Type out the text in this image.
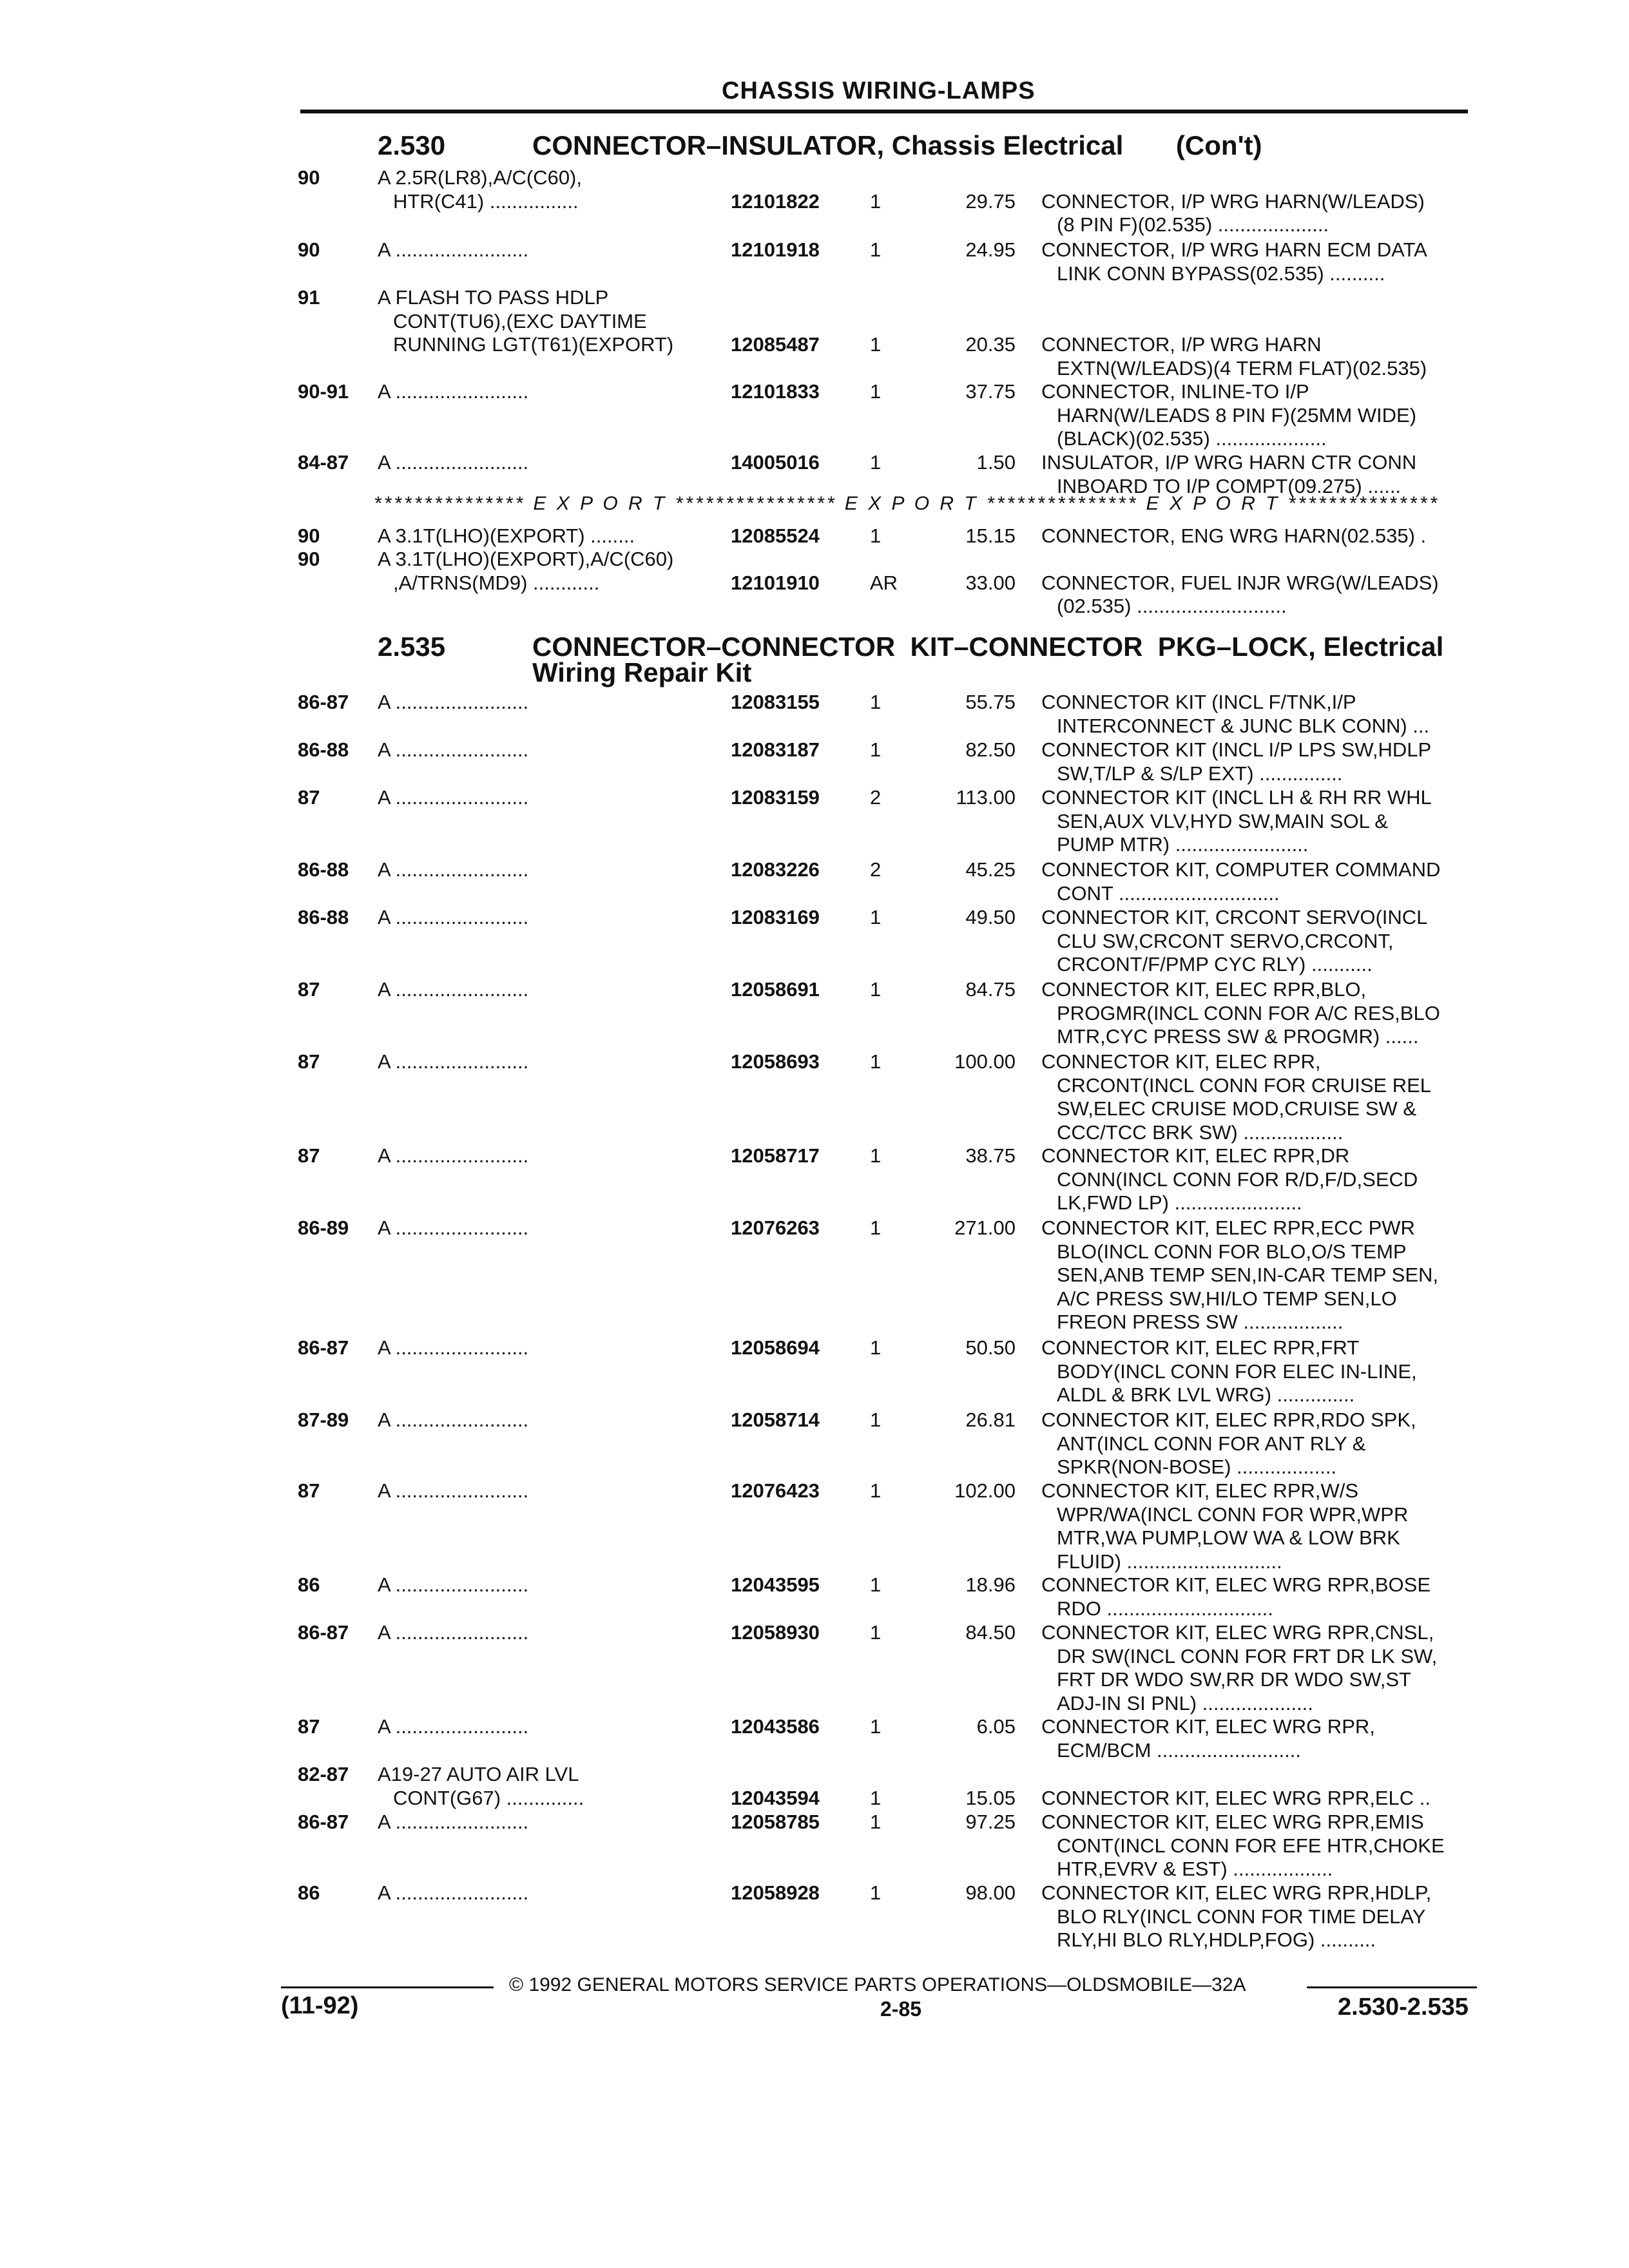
CHASSIS WIRING-LAMPS
2.530	CONNECTOR–INSULATOR, Chassis Electrical       (Con't)
*************** E X P O R T **************** E X P O R T *************** E X P O R T ***************
2.535	CONNECTOR–CONNECTOR  KIT–CONNECTOR  PKG–LOCK, Electrical
Wiring Repair Kit
90	A 2.5R(LR8),A/C(C60),
HTR(C41) ................	12101822	1	29.75 CONNECTOR, I/P WRG HARN(W/LEADS)
(8 PIN F)(02.535) ....................
90	A ........................	12101918	1	24.95 CONNECTOR, I/P WRG HARN ECM DATA
LINK CONN BYPASS(02.535) ..........
91	A FLASH TO PASS HDLP
CONT(TU6),(EXC DAYTIME
RUNNING LGT(T61)(EXPORT)	12085487	1	20.35 CONNECTOR, I/P WRG HARN
EXTN(W/LEADS)(4 TERM FLAT)(02.535)
90-91 A ........................	12101833	1	37.75 CONNECTOR, INLINE-TO I/P
HARN(W/LEADS 8 PIN F)(25MM WIDE)
(BLACK)(02.535) ....................
84-87 A ........................	14005016	1	1.50 INSULATOR, I/P WRG HARN CTR CONN
INBOARD TO I/P COMPT(09.275) ......
90	A 3.1T(LHO)(EXPORT) ........	12085524	1	15.15 CONNECTOR, ENG WRG HARN(02.535) .
90	A 3.1T(LHO)(EXPORT),A/C(C60)
,A/TRNS(MD9) ............	12101910	AR	33.00 CONNECTOR, FUEL INJR WRG(W/LEADS)
(02.535) ...........................
86-87 A ........................	12083155	1	55.75 CONNECTOR KIT (INCL F/TNK,I/P
INTERCONNECT & JUNC BLK CONN) ...
86-88 A ........................	12083187	1	82.50 CONNECTOR KIT (INCL I/P LPS SW,HDLP
SW,T/LP & S/LP EXT) ...............
87	A ........................	12083159	2	113.00 CONNECTOR KIT (INCL LH & RH RR WHL
SEN,AUX VLV,HYD SW,MAIN SOL &
PUMP MTR) ........................
86-88 A ........................	12083226	2	45.25 CONNECTOR KIT, COMPUTER COMMAND
CONT .............................
86-88 A ........................	12083169	1	49.50 CONNECTOR KIT, CRCONT SERVO(INCL
CLU SW,CRCONT SERVO,CRCONT,
CRCONT/F/PMP CYC RLY) ...........
87	A ........................	12058691	1	84.75 CONNECTOR KIT, ELEC RPR,BLO,
PROGMR(INCL CONN FOR A/C RES,BLO
MTR,CYC PRESS SW & PROGMR) ......
87	A ........................	12058693	1	100.00 CONNECTOR KIT, ELEC RPR,
CRCONT(INCL CONN FOR CRUISE REL
SW,ELEC CRUISE MOD,CRUISE SW &
CCC/TCC BRK SW) ..................
87	A ........................	12058717	1	38.75 CONNECTOR KIT, ELEC RPR,DR
CONN(INCL CONN FOR R/D,F/D,SECD
LK,FWD LP) .......................
86-89 A ........................	12076263	1	271.00 CONNECTOR KIT, ELEC RPR,ECC PWR
BLO(INCL CONN FOR BLO,O/S TEMP
SEN,ANB TEMP SEN,IN-CAR TEMP SEN,
A/C PRESS SW,HI/LO TEMP SEN,LO
FREON PRESS SW ..................
86-87 A ........................	12058694	1	50.50 CONNECTOR KIT, ELEC RPR,FRT
BODY(INCL CONN FOR ELEC IN-LINE,
ALDL & BRK LVL WRG) ..............
87-89 A ........................	12058714	1	26.81 CONNECTOR KIT, ELEC RPR,RDO SPK,
ANT(INCL CONN FOR ANT RLY &
SPKR(NON-BOSE) ..................
87	A ........................	12076423	1	102.00 CONNECTOR KIT, ELEC RPR,W/S
WPR/WA(INCL CONN FOR WPR,WPR
MTR,WA PUMP,LOW WA & LOW BRK
FLUID) ............................
86	A ........................	12043595	1	18.96 CONNECTOR KIT, ELEC WRG RPR,BOSE
RDO ..............................
86-87 A ........................	12058930	1	84.50 CONNECTOR KIT, ELEC WRG RPR,CNSL,
DR SW(INCL CONN FOR FRT DR LK SW,
FRT DR WDO SW,RR DR WDO SW,ST
ADJ-IN SI PNL) ....................
87	A ........................	12043586	1	6.05 CONNECTOR KIT, ELEC WRG RPR,
ECM/BCM ..........................
82-87 A19-27 AUTO AIR LVL
CONT(G67) ..............	12043594	1	15.05
CONNECTOR KIT, ELEC WRG RPR,ELC ..
86-87 A ........................	12058785	1	97.25 CONNECTOR KIT, ELEC WRG RPR,EMIS
CONT(INCL CONN FOR EFE HTR,CHOKE
HTR,EVRV & EST) ..................
86	A ........................	12058928	1	98.00 CONNECTOR KIT, ELEC WRG RPR,HDLP,
BLO RLY(INCL CONN FOR TIME DELAY
RLY,HI BLO RLY,HDLP,FOG) ..........
© 1992 GENERAL MOTORS SERVICE PARTS OPERATIONS—OLDSMOBILE—32A
(11-92)	2-85	2.530-2.535
